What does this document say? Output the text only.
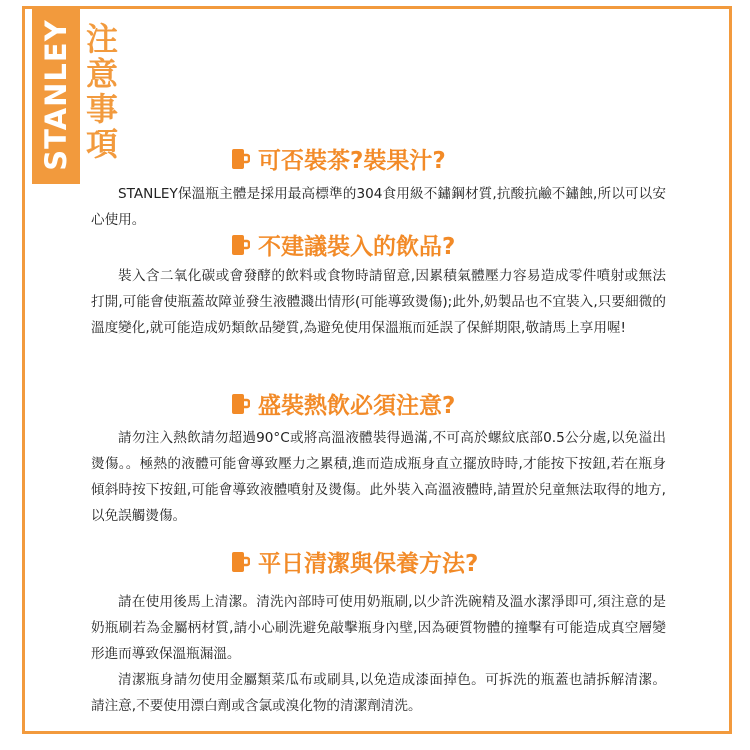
STANLEY 注
意
事
項	可否裝茶?裝果汁?

STANLEY保溫瓶主體是採用最高標準的304食用級不鏽鋼材質,抗酸抗鹼不鏽蝕,所以可以安心使用。

不建議裝入的飲品?

裝入含二氧化碳或會發酵的飲料或食物時請留意,因累積氣體壓力容易造成零件噴射或無法打開,可能會使瓶蓋故障並發生液體濺出情形(可能導致燙傷);此外,奶製品也不宜裝入,只要細微的溫度變化,就可能造成奶類飲品變質,為避免使用保溫瓶而延誤了保鮮期限,敬請馬上享用喔!

盛裝熱飲必須注意?

請勿注入熱飲請勿超過90°C或將高溫液體裝得過滿,不可高於螺紋底部0.5公分處,以免溢出燙傷。。極熱的液體可能會導致壓力之累積,進而造成瓶身直立擺放時時,才能按下按鈕,若在瓶身傾斜時按下按鈕,可能會導致液體噴射及燙傷。此外裝入高溫液體時,請置於兒童無法取得的地方,以免誤觸燙傷。

平日清潔與保養方法?

請在使用後馬上清潔。清洗內部時可使用奶瓶刷,以少許洗碗精及溫水潔淨即可,須注意的是奶瓶刷若為金屬柄材質,請小心刷洗避免敲擊瓶身內壁,因為硬質物體的撞擊有可能造成真空層變形進而導致保溫瓶漏溫。

清潔瓶身請勿使用金屬類菜瓜布或刷具,以免造成漆面掉色。可拆洗的瓶蓋也請拆解清潔。請注意,不要使用漂白劑或含氯或溴化物的清潔劑清洗。
